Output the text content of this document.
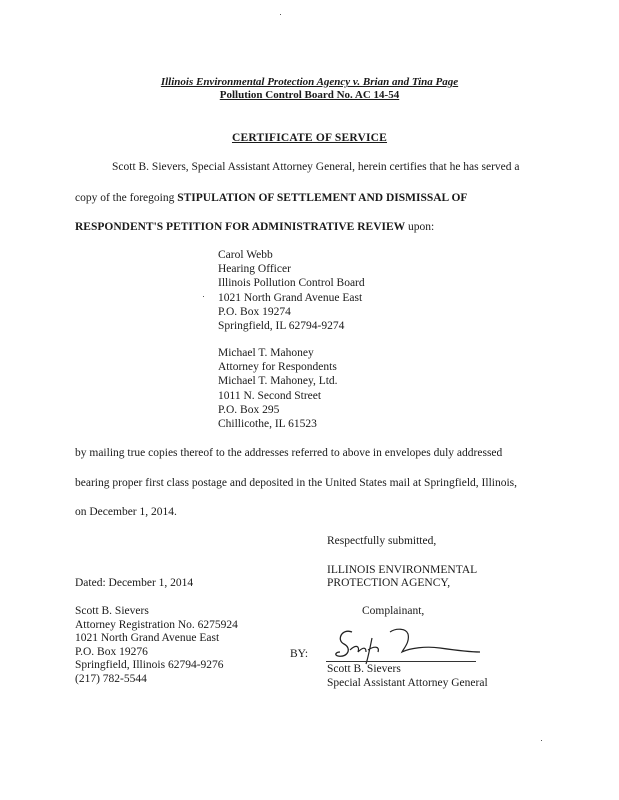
Illinois Environmental Protection Agency v. Brian and Tina Page
Pollution Control Board No. AC 14-54
CERTIFICATE OF SERVICE
Scott B. Sievers, Special Assistant Attorney General, herein certifies that he has served a
copy of the foregoing STIPULATION OF SETTLEMENT AND DISMISSAL OF
RESPONDENT'S PETITION FOR ADMINISTRATIVE REVIEW upon:
Carol Webb
Hearing Officer
Illinois Pollution Control Board
1021 North Grand Avenue East
P.O. Box 19274
Springfield, IL 62794-9274
Michael T. Mahoney
Attorney for Respondents
Michael T. Mahoney, Ltd.
1011 N. Second Street
P.O. Box 295
Chillicothe, IL 61523
by mailing true copies thereof to the addresses referred to above in envelopes duly addressed
bearing proper first class postage and deposited in the United States mail at Springfield, Illinois,
on December 1, 2014.
Respectfully submitted,
ILLINOIS ENVIRONMENTAL
PROTECTION AGENCY,
Dated: December 1, 2014
Complainant,
Scott B. Sievers
Attorney Registration No. 6275924
1021 North Grand Avenue East
P.O. Box 19276
Springfield, Illinois 62794-9276
(217) 782-5544
BY:
Scott B. Sievers
Special Assistant Attorney General
